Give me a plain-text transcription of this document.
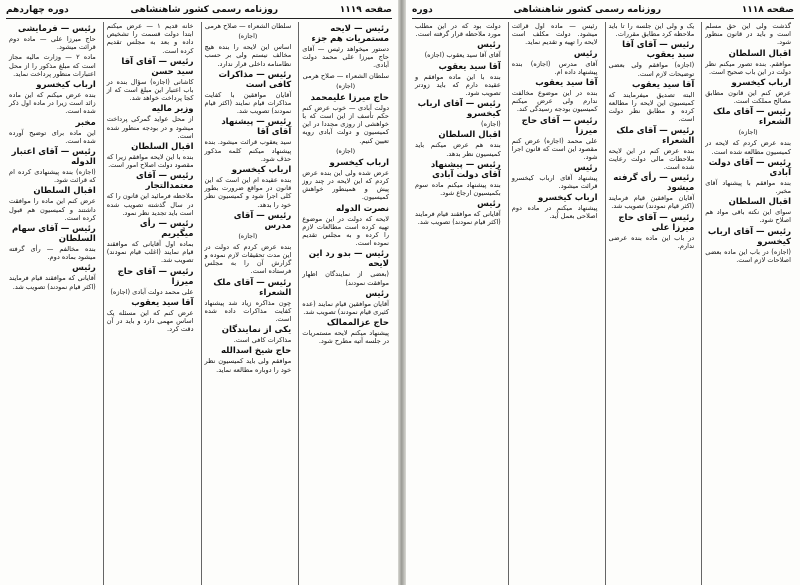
صفحه ۱۱۱۸
روزنامه رسمی کشور شاهنشاهی
دوره
گذشت ولی این حق مسلم است و باید در قانون منظور شود.
اقبال السلطان
موافقم. بنده تصور میکنم نظر دولت در این باب صحیح است.
ارباب کیخسرو
عرض کنم این قانون مطابق مصالح مملکت است.
رئیس — آقای ملک الشعراء
(اجازه)
بنده عرض کردم که لایحه در کمیسیون مطالعه شده است.
رئیس — آقای دولت آبادی
بنده موافقم با پیشنهاد آقای مخبر.
اقبال السلطان
سوای این نکته باقی مواد هم اصلاح شود.
رئیس — آقای ارباب کیخسرو
(اجازه) در باب این ماده بعضی اصلاحات لازم است.
یک و ولی این جلسه را تا باید ملاحظه کرد مطابق مقررات.
رئیس — آقای آقا سید یعقوب
(اجازه) موافقم ولی بعضی توضیحات لازم است.
آقا سید یعقوب
البته تصدیق میفرمایند که کمیسیون این لایحه را مطالعه کرده و مطابق نظر دولت است.
رئیس — آقای ملک الشعراء
بنده عرض کنم در این لایحه ملاحظات مالی دولت رعایت شده است.
رئیس — رأی گرفته میشود
آقایان موافقین قیام فرمایند (اکثر قیام نمودند) تصویب شد.
رئیس — آقای حاج میرزا علی
در باب این ماده بنده عرضی ندارم.
رئیس — ماده اول قرائت میشود. دولت مکلف است لایحه را تهیه و تقدیم نماید.
رئیس
آقای مدرس (اجازه) بنده پیشنهاد داده ام.
آقا سید یعقوب
بنده در این موضوع مخالفت ندارم ولی عرض میکنم کمیسیون بودجه رسیدگی کند.
رئیس — آقای حاج میرزا
علی محمد (اجازه) عرض کنم مقصود این است که قانون اجرا شود.
رئیس
پیشنهاد آقای ارباب کیخسرو قرائت میشود.
ارباب کیخسرو
پیشنهاد میکنم در ماده دوم اصلاحی بعمل آید.
دولت بود که در این مطلب مورد ملاحظه قرار گرفته است.
رئیس
آقای آقا سید یعقوب (اجازه)
آقا سید یعقوب
بنده با این ماده موافقم و عقیده دارم که باید زودتر تصویب شود.
رئیس — آقای ارباب کیخسرو
(اجازه)
اقبال السلطان
بنده هم عرض میکنم باید کمیسیون نظر بدهد.
رئیس — پیشنهاد آقای دولت آبادی
بنده پیشنهاد میکنم ماده سوم بکمیسیون ارجاع شود.
رئیس
آقایانی که موافقند قیام فرمایند (اکثر قیام نمودند) تصویب شد.
صفحه ۱۱۱۹
روزنامه رسمی کشور شاهنشاهی
دوره چهاردهم
رئیس — لایحه مستمریات هم جزء
دستور میخواهد رئیس — آقای حاج میرزا علی محمد دولت آبادی.
سلطان الشعراء — صلاح هرمی
(اجازه)
حاج میرزا علیمحمد
دولت آبادی — خوب عرض کنم حکم تأسف از این است که با خواهشی از روزی مجددا در این کمیسیون و دولت آبادی رویه تعیین کنیم.
(اجازه)
ارباب کیخسرو
عرض شده ولی این بنده عرض کردم که این لایحه در چند روز پیش و همینطور خواهش کمیسیون.
نصرت الدوله
لایحه که دولت در این موضوع تهیه کرده است مطالعات لازم را کرده و به مجلس تقدیم نموده است.
رئیس — بدو رد این لایحه
(بعضی از نمایندگان اظهار موافقت نمودند)
رئیس
آقایان موافقین قیام نمایند (عده کثیری قیام نمودند) تصویب شد.
حاج عزالممالک
پیشنهاد میکنم لایحه مستمریات در جلسه آتیه مطرح شود.
سلطان الشعراء — صلاح هرمی
(اجازه)
اساس این لایحه را بنده هیچ مخالف نیستم ولی بر حسب نظامنامه داخلی قرار ندارد.
رئیس — مذاکرات کافی است
آقایان موافقین با کفایت مذاکرات قیام نمایند (اکثر قیام نمودند) تصویب شد.
رئیس — پیشنهاد آقای آقا
سید یعقوب قرائت میشود. بنده پیشنهاد میکنم کلمه مذکور حذف شود.
ارباب کیخسرو
بنده عقیده ام این است که این قانون در مواقع ضرورت بطور کلی اجرا شود و کمیسیون نظر خود را بدهد.
رئیس — آقای مدرس
(اجازه)
بنده عرض کردم که دولت در این مدت تحقیقات لازم نموده و گزارش آن را به مجلس فرستاده است.
رئیس — آقای ملک الشعراء
چون مذاکره زیاد شد پیشنهاد کفایت مذاکرات داده شده است.
یکی از نمایندگان
مذاکرات کافی است.
حاج شیخ اسدالله
موافقم ولی باید کمیسیون نظر خود را دوباره مطالعه نماید.
خانه قدیم ۱ — عرض میکنم ابتدا دولت قسمت را تشخیص داده و بعد به مجلس تقدیم کرده است.
رئیس — آقای آقا سید حسن
کاشانی (اجازه) سؤال بنده در باب اعتبار این مبلغ است که از کجا پرداخت خواهد شد.
وزیر مالیه
از محل عواید گمرکی پرداخت میشود و در بودجه منظور شده است.
اقبال السلطان
بنده با این لایحه موافقم زیرا که مقصود دولت اصلاح امور است.
رئیس — آقای معتمدالتجار
ملاحظه فرمائید این قانون را که در سال گذشته تصویب شده است باید تجدید نظر نمود.
رئیس — رأی میگیریم
بماده اول آقایانی که موافقند قیام نمایند (اغلب قیام نمودند) تصویب شد.
رئیس — آقای حاج میرزا
علی محمد دولت آبادی (اجازه)
آقا سید یعقوب
عرض کنم که این مسئله یک اساس مهمی دارد و باید در آن دقت کرد.
رئیس — فرمایشی
حاج میرزا علی — ماده دوم قرائت میشود.
ماده ۲ — وزارت مالیه مجاز است که مبلغ مذکور را از محل اعتبارات منظور پرداخت نماید.
ارباب کیخسرو
بنده عرض میکنم که این ماده زائد است زیرا در ماده اول ذکر شده است.
مخبر
این ماده برای توضیح آورده شده است.
رئیس — آقای اعتبار الدوله
(اجازه) بنده پیشنهادی کرده ام که قرائت شود.
اقبال السلطان
عرض کنم این ماده را موافقت داشتند و کمیسیون هم قبول کرده است.
رئیس — آقای سهام السلطان
بنده مخالفم — رأی گرفته میشود بماده دوم.
رئیس
آقایانی که موافقند قیام فرمایند (اکثر قیام نمودند) تصویب شد.
